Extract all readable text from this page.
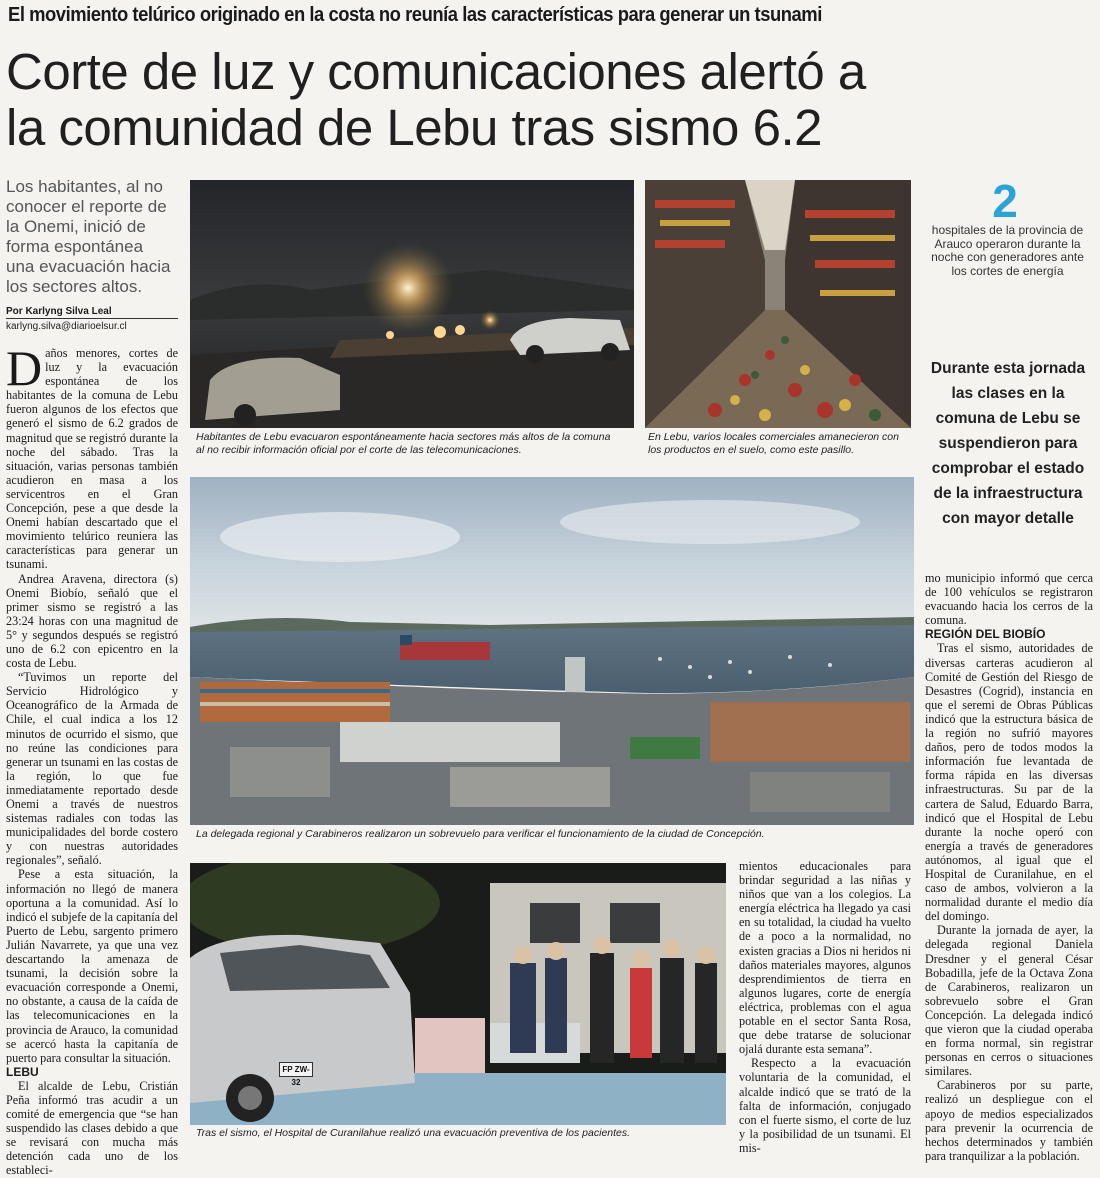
El movimiento telúrico originado en la costa no reunía las características para generar un tsunami
Corte de luz y comunicaciones alertó a
la comunidad de Lebu tras sismo 6.2
Los habitantes, al no conocer el reporte de la Onemi, inició de forma espontánea una evacuación hacia los sectores altos.
Por Karlyng Silva Leal
karlyng.silva@diarioelsur.cl

Daños menores, cortes de luz y la evacuación espontánea de los habitantes de la comuna de Lebu fueron algunos de los efectos que generó el sismo de 6.2 grados de magnitud que se registró durante la noche del sábado. Tras la situación, varias personas también acudieron en masa a los servicentros en el Gran Concepción, pese a que desde la Onemi habían descartado que el movimiento telúrico reuniera las características para generar un tsunami.

Andrea Aravena, directora (s) Onemi Biobío, señaló que el primer sismo se registró a las 23:24 horas con una magnitud de 5° y segundos después se registró uno de 6.2 con epicentro en la costa de Lebu.

“Tuvimos un reporte del Servicio Hidrológico y Oceanográfico de la Armada de Chile, el cual indica a los 12 minutos de ocurrido el sismo, que no reúne las condiciones para generar un tsunami en las costas de la región, lo que fue inmediatamente reportado desde Onemi a través de nuestros sistemas radiales con todas las municipalidades del borde costero y con nuestras autoridades regionales”, señaló.

Pese a esta situación, la información no llegó de manera oportuna a la comunidad. Así lo indicó el subjefe de la capitanía del Puerto de Lebu, sargento primero Julián Navarrete, ya que una vez descartando la amenaza de tsunami, la decisión sobre la evacuación corresponde a Onemi, no obstante, a causa de la caída de las telecomunicaciones en la provincia de Arauco, la comunidad se acercó hasta la capitanía de puerto para consultar la situación.

LEBU

El alcalde de Lebu, Cristián Peña informó tras acudir a un comité de emergencia que “se han suspendido las clases debido a que se revisará con mucha más detención cada uno de los estableci-

Habitantes de Lebu evacuaron espontáneamente hacia sectores más altos de la comuna al no recibir información oficial por el corte de las telecomunicaciones.
En Lebu, varios locales comerciales amanecieron con los productos en el suelo, como este pasillo.
2
hospitales de la provincia de Arauco operaron durante la noche con generadores ante los cortes de energía
Durante esta jornada las clases en la comuna de Lebu se suspendieron para comprobar el estado de la infraestructura con mayor detalle
La delegada regional y Carabineros realizaron un sobrevuelo para verificar el funcionamiento de la ciudad de Concepción.

mo municipio informó que cerca de 100 vehículos se registraron evacuando hacia los cerros de la comuna.

REGIÓN DEL BIOBÍO

Tras el sismo, autoridades de diversas carteras acudieron al Comité de Gestión del Riesgo de Desastres (Cogrid), instancia en que el seremi de Obras Públicas indicó que la estructura básica de la región no sufrió mayores daños, pero de todos modos la información fue levantada de forma rápida en las diversas infraestructuras. Su par de la cartera de Salud, Eduardo Barra, indicó que el Hospital de Lebu durante la noche operó con energía a través de generadores autónomos, al igual que el Hospital de Curanilahue, en el caso de ambos, volvieron a la normalidad durante el medio día del domingo.

Durante la jornada de ayer, la delegada regional Daniela Dresdner y el general César Bobadilla, jefe de la Octava Zona de Carabineros, realizaron un sobrevuelo sobre el Gran Concepción. La delegada indicó que vieron que la ciudad operaba en forma normal, sin registrar personas en cerros o situaciones similares.

Carabineros por su parte, realizó un despliegue con el apoyo de medios especializados para prevenir la ocurrencia de hechos determinados y también para tranquilizar a la población.

FP ZW-32
Tras el sismo, el Hospital de Curanilahue realizó una evacuación preventiva de los pacientes.

mientos educacionales para brindar seguridad a las niñas y niños que van a los colegios. La energía eléctrica ha llegado ya casi en su totalidad, la ciudad ha vuelto de a poco a la normalidad, no existen gracias a Dios ni heridos ni daños materiales mayores, algunos desprendimientos de tierra en algunos lugares, corte de energía eléctrica, problemas con el agua potable en el sector Santa Rosa, que debe tratarse de solucionar ojalá durante esta semana”.

Respecto a la evacuación voluntaria de la comunidad, el alcalde indicó que se trató de la falta de información, conjugado con el fuerte sismo, el corte de luz y la posibilidad de un tsunami. El mis-
